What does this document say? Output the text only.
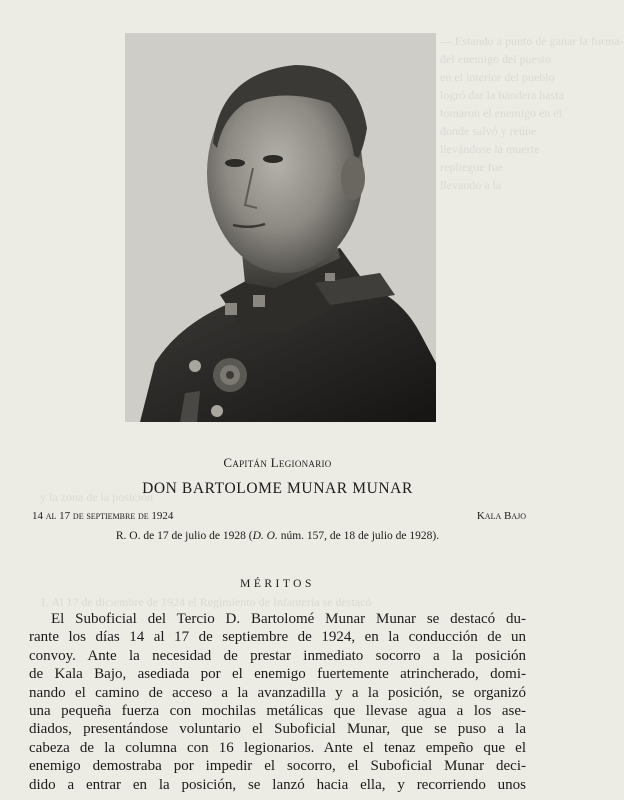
— Estando a punto de ganar la forma-
del enemigo del puesto
en el interior del pueblo
logró dar la bandera hasta
tomaron el enemigo en el
donde salvó y reúne
llevándose la muerte
repliegue fue
llevando a la
y la zona de la posición
1. Al 17 de diciembre de 1924 el Regimiento de Infantería se destacó
Capitán Legionario
DON BARTOLOME MUNAR MUNAR
14 al 17 de septiembre de 1924	Kala Bajo
R. O. de 17 de julio de 1928 (D. O. núm. 157, de 18 de julio de 1928).
MÉRITOS
El Suboficial del Tercio D. Bartolomé Munar Munar se destacó du-
rante los días 14 al 17 de septiembre de 1924, en la conducción de un
convoy. Ante la necesidad de prestar inmediato socorro a la posición
de Kala Bajo, asediada por el enemigo fuertemente atrincherado, domi-
nando el camino de acceso a la avanzadilla y a la posición, se organizó
una pequeña fuerza con mochilas metálicas que llevase agua a los ase-
diados, presentándose voluntario el Suboficial Munar, que se puso a la
cabeza de la columna con 16 legionarios. Ante el tenaz empeño que el
enemigo demostraba por impedir el socorro, el Suboficial Munar deci-
dido a entrar en la posición, se lanzó hacia ella, y recorriendo unos
